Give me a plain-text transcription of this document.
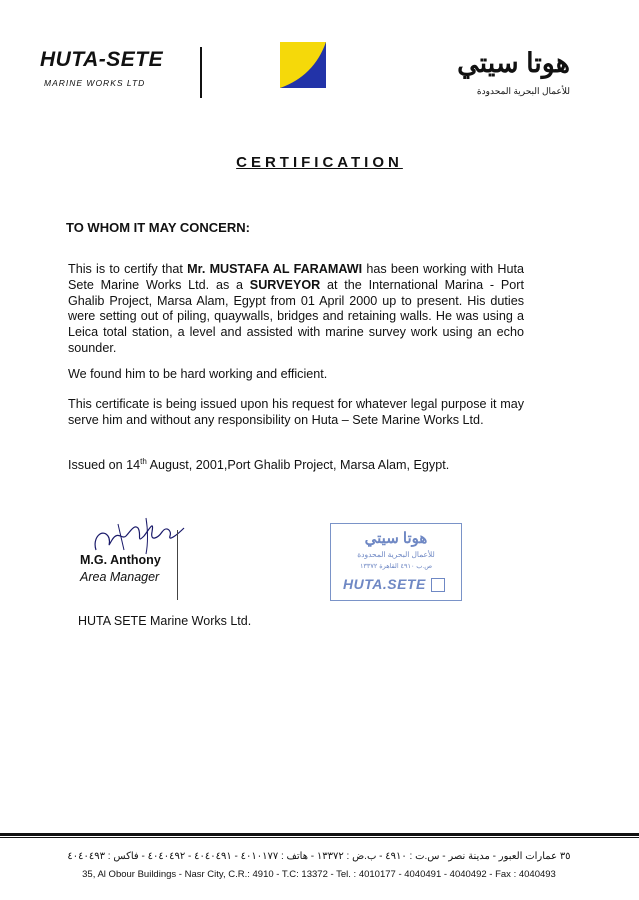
HUTA-SETE
MARINE WORKS LTD
هوتا سيتي
للأعمال البحرية المحدودة
CERTIFICATION
TO WHOM IT MAY CONCERN:
This is to certify that Mr. MUSTAFA AL FARAMAWI has been working with Huta Sete Marine Works Ltd. as a SURVEYOR at the International Marina - Port Ghalib Project, Marsa Alam, Egypt from 01 April 2000 up to present. His duties were setting out of piling, quaywalls, bridges and retaining walls. He was using a Leica total station, a level and assisted with marine survey work using an echo sounder.
We found him to be hard working and efficient.
This certificate is being issued upon his request for whatever legal purpose it may serve him and without any responsibility on Huta – Sete Marine Works Ltd.
Issued on 14th August, 2001,Port Ghalib Project, Marsa Alam, Egypt.
M.G. Anthony
Area Manager
HUTA SETE Marine Works Ltd.
هوتا سيتي
للأعمال البحرية المحدودة
ص.ب ٤٩١٠ القاهرة ١٣٣٧٢
HUTA.SETE
٣٥ عمارات العبور - مدينة نصر - س.ت : ٤٩١٠ - ب.ض : ١٣٣٧٢ - هاتف : ٤٠١٠١٧٧ - ٤٠٤٠٤٩١ - ٤٠٤٠٤٩٢ - فاكس : ٤٠٤٠٤٩٣
35, Al Obour Buildings - Nasr City, C.R.: 4910 - T.C: 13372 - Tel. : 4010177 - 4040491 - 4040492 - Fax : 4040493
